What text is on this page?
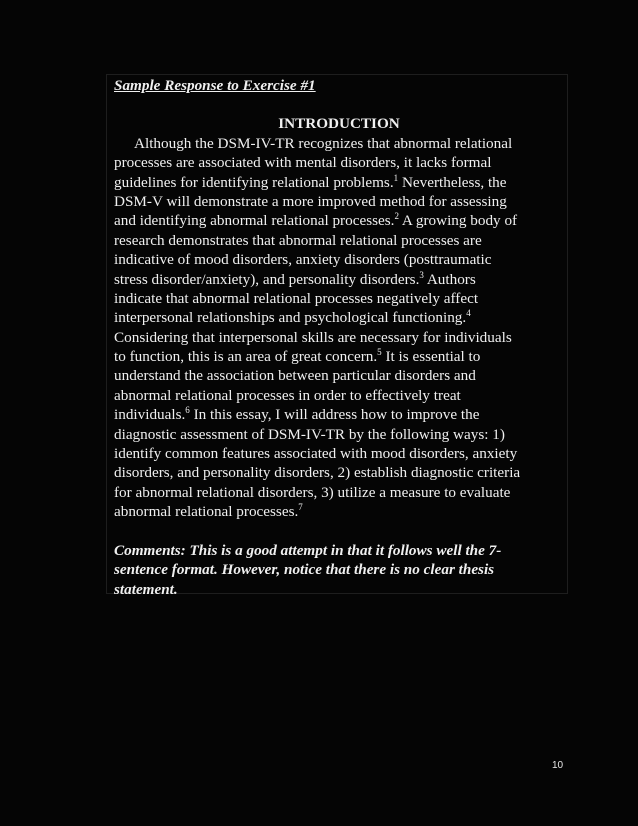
Sample Response to Exercise #1

INTRODUCTION

Although the DSM-IV-TR recognizes that abnormal relational
processes are associated with mental disorders, it lacks formal
guidelines for identifying relational problems.$^1$ Nevertheless, the
DSM-V will demonstrate a more improved method for assessing
and identifying abnormal relational processes.$^2$ A growing body of
research demonstrates that abnormal relational processes are
indicative of mood disorders, anxiety disorders (posttraumatic
stress disorder/anxiety), and personality disorders.$^3$ Authors
indicate that abnormal relational processes negatively affect
interpersonal relationships and psychological functioning.$^4$
Considering that interpersonal skills are necessary for individuals
to function, this is an area of great concern.$^5$ It is essential to
understand the association between particular disorders and
abnormal relational processes in order to effectively treat
individuals.$^6$ In this essay, I will address how to improve the
diagnostic assessment of DSM-IV-TR by the following ways: 1)
identify common features associated with mood disorders, anxiety
disorders, and personality disorders, 2) establish diagnostic criteria
for abnormal relational disorders, 3) utilize a measure to evaluate
abnormal relational processes.$^7$
Comments: This is a good attempt in that it follows well the 7-
sentence format. However, notice that there is no clear thesis
statement.
10
